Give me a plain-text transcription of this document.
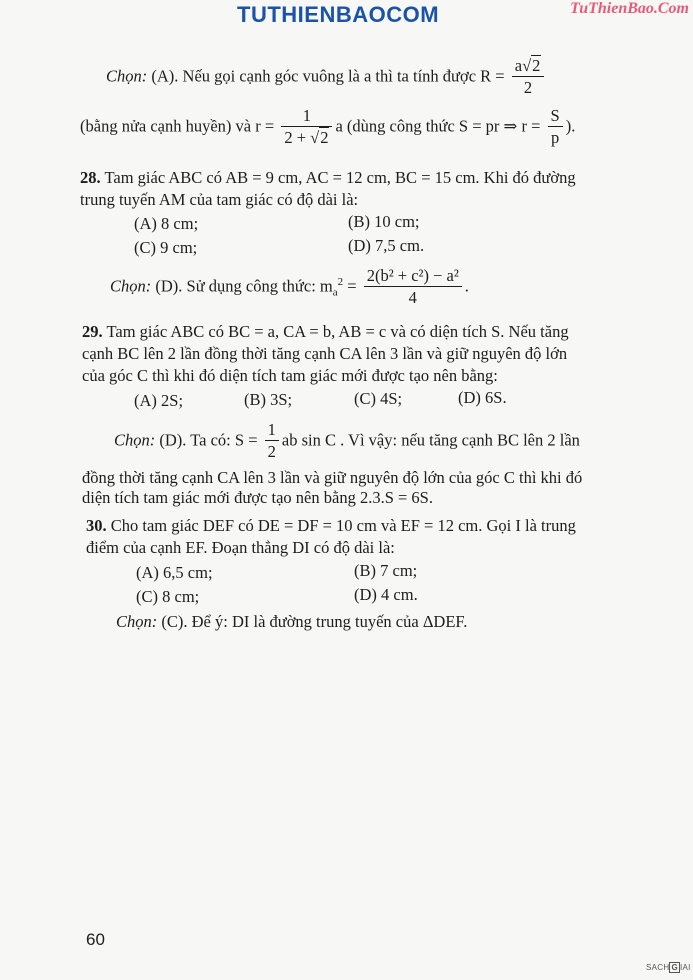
TUTHIENBAOCOM	TuThienBao.Com
Chọn: (A). Nếu gọi cạnh góc vuông là a thì ta tính được $R = \frac{a√2}{2}$
(bằng nửa cạnh huyền) và $r = \frac{1}{2 + √2}$ a (dùng công thức S = pr ⇒ $r = \frac{S}{p}$ ).
28. Tam giác ABC có AB = 9 cm, AC = 12 cm, BC = 15 cm. Khi đó đường
trung tuyến AM của tam giác có độ dài là:
(A) 8 cm;	(B) 10 cm;
(C) 9 cm;	(D) 7,5 cm.
Chọn: (D). Sử dụng công thức: $m_a^2 = \frac{\text{2(b² + c²) − a²}}{4}$ .
29. Tam giác ABC có BC = a, CA = b, AB = c và có diện tích S. Nếu tăng
cạnh BC lên 2 lần đồng thời tăng cạnh CA lên 3 lần và giữ nguyên độ lớn
của góc C thì khi đó diện tích tam giác mới được tạo nên bằng:
(A) 2S;	(B) 3S;	(C) 4S;	(D) 6S.
Chọn: (D). Ta có: $S = \frac{1}{2}$ ab sin C . Vì vậy: nếu tăng cạnh BC lên 2 lần
đồng thời tăng cạnh CA lên 3 lần và giữ nguyên độ lớn của góc C thì khi đó
diện tích tam giác mới được tạo nên bằng 2.3.S = 6S.
30. Cho tam giác DEF có DE = DF = 10 cm và EF = 12 cm. Gọi I là trung
điểm của cạnh EF. Đoạn thẳng DI có độ dài là:
(A) 6,5 cm;	(B) 7 cm;
(C) 8 cm;	(D) 4 cm.
Chọn: (C). Để ý: DI là đường trung tuyến của ΔDEF.
60
SACH G IAI
